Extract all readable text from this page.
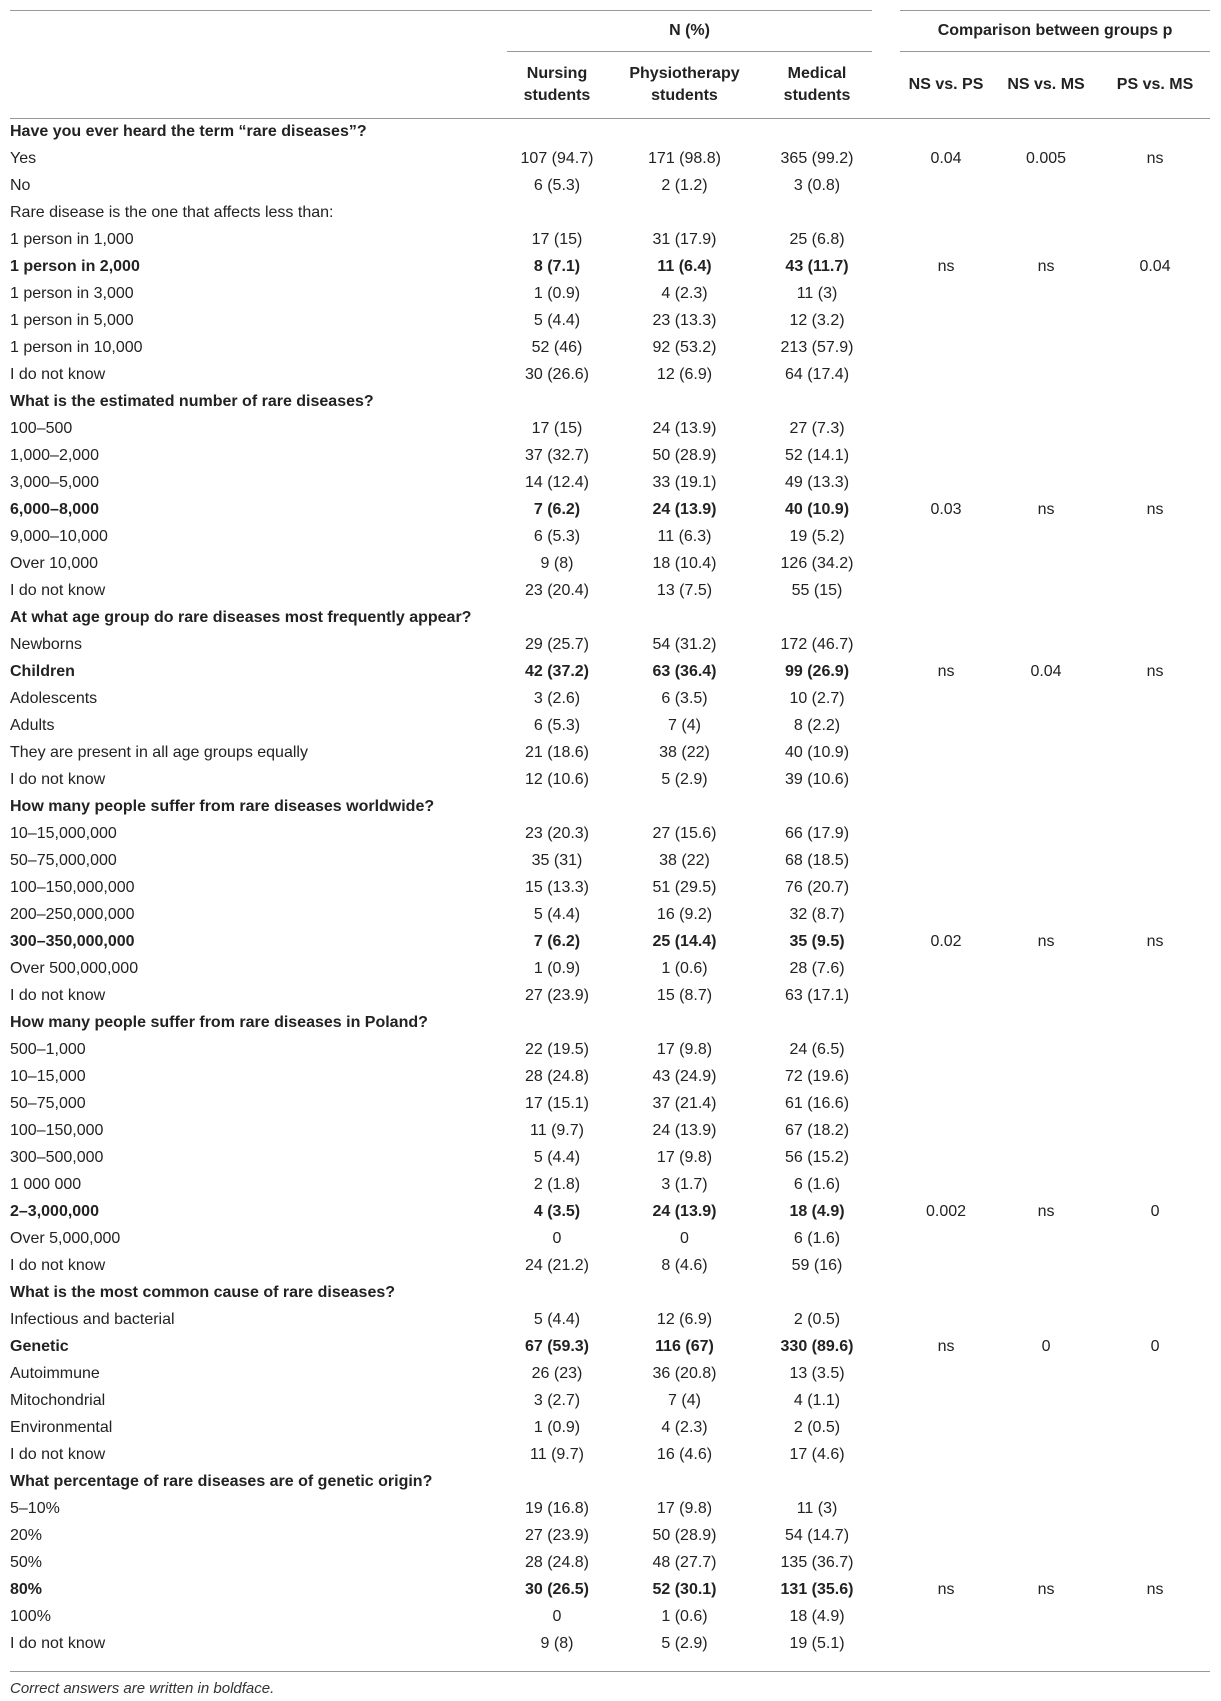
	N (%)				Comparison between groups p		
	Nursing students	Physiotherapy students	Medical students		NS vs. PS	NS vs. MS	PS vs. MS
Have you ever heard the term “rare diseases”?							
Yes	107 (94.7)	171 (98.8)	365 (99.2)		0.04	0.005	ns
No	6 (5.3)	2 (1.2)	3 (0.8)				
Rare disease is the one that affects less than:							
1 person in 1,000	17 (15)	31 (17.9)	25 (6.8)				
1 person in 2,000	8 (7.1)	11 (6.4)	43 (11.7)		ns	ns	0.04
1 person in 3,000	1 (0.9)	4 (2.3)	11 (3)				
1 person in 5,000	5 (4.4)	23 (13.3)	12 (3.2)				
1 person in 10,000	52 (46)	92 (53.2)	213 (57.9)				
I do not know	30 (26.6)	12 (6.9)	64 (17.4)				
What is the estimated number of rare diseases?							
100–500	17 (15)	24 (13.9)	27 (7.3)				
1,000–2,000	37 (32.7)	50 (28.9)	52 (14.1)				
3,000–5,000	14 (12.4)	33 (19.1)	49 (13.3)				
6,000–8,000	7 (6.2)	24 (13.9)	40 (10.9)		0.03	ns	ns
9,000–10,000	6 (5.3)	11 (6.3)	19 (5.2)				
Over 10,000	9 (8)	18 (10.4)	126 (34.2)				
I do not know	23 (20.4)	13 (7.5)	55 (15)				
At what age group do rare diseases most frequently appear?							
Newborns	29 (25.7)	54 (31.2)	172 (46.7)				
Children	42 (37.2)	63 (36.4)	99 (26.9)		ns	0.04	ns
Adolescents	3 (2.6)	6 (3.5)	10 (2.7)				
Adults	6 (5.3)	7 (4)	8 (2.2)				
They are present in all age groups equally	21 (18.6)	38 (22)	40 (10.9)				
I do not know	12 (10.6)	5 (2.9)	39 (10.6)				
How many people suffer from rare diseases worldwide?							
10–15,000,000	23 (20.3)	27 (15.6)	66 (17.9)				
50–75,000,000	35 (31)	38 (22)	68 (18.5)				
100–150,000,000	15 (13.3)	51 (29.5)	76 (20.7)				
200–250,000,000	5 (4.4)	16 (9.2)	32 (8.7)				
300–350,000,000	7 (6.2)	25 (14.4)	35 (9.5)		0.02	ns	ns
Over 500,000,000	1 (0.9)	1 (0.6)	28 (7.6)				
I do not know	27 (23.9)	15 (8.7)	63 (17.1)				
How many people suffer from rare diseases in Poland?							
500–1,000	22 (19.5)	17 (9.8)	24 (6.5)				
10–15,000	28 (24.8)	43 (24.9)	72 (19.6)				
50–75,000	17 (15.1)	37 (21.4)	61 (16.6)				
100–150,000	11 (9.7)	24 (13.9)	67 (18.2)				
300–500,000	5 (4.4)	17 (9.8)	56 (15.2)				
1 000 000	2 (1.8)	3 (1.7)	6 (1.6)				
2–3,000,000	4 (3.5)	24 (13.9)	18 (4.9)		0.002	ns	0
Over 5,000,000	0	0	6 (1.6)				
I do not know	24 (21.2)	8 (4.6)	59 (16)				
What is the most common cause of rare diseases?							
Infectious and bacterial	5 (4.4)	12 (6.9)	2 (0.5)				
Genetic	67 (59.3)	116 (67)	330 (89.6)		ns	0	0
Autoimmune	26 (23)	36 (20.8)	13 (3.5)				
Mitochondrial	3 (2.7)	7 (4)	4 (1.1)				
Environmental	1 (0.9)	4 (2.3)	2 (0.5)				
I do not know	11 (9.7)	16 (4.6)	17 (4.6)				
What percentage of rare diseases are of genetic origin?							
5–10%	19 (16.8)	17 (9.8)	11 (3)				
20%	27 (23.9)	50 (28.9)	54 (14.7)				
50%	28 (24.8)	48 (27.7)	135 (36.7)				
80%	30 (26.5)	52 (30.1)	131 (35.6)		ns	ns	ns
100%	0	1 (0.6)	18 (4.9)				
I do not know	9 (8)	5 (2.9)	19 (5.1)				
Correct answers are written in boldface.
